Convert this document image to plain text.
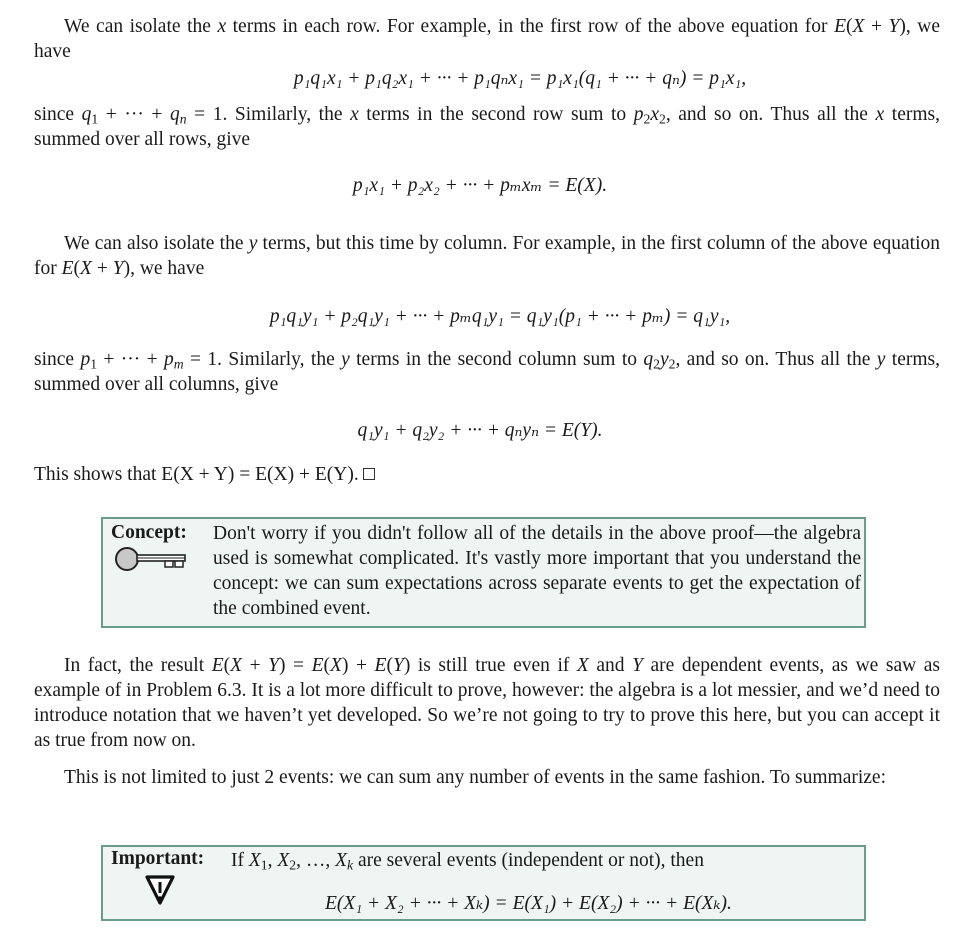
We can isolate the x terms in each row. For example, in the first row of the above equation for E(X + Y), we have
p₁q₁x₁ + p₁q₂x₁ + ··· + p₁qₙx₁ = p₁x₁(q₁ + ··· + qₙ) = p₁x₁,
since $q_1$ + ··· + $q_n = 1$. Similarly, the x terms in the second row sum to $p_2x_2$, and so on. Thus all the x terms, summed over all rows, give
p₁x₁ + p₂x₂ + ··· + pₘxₘ = E(X).
We can also isolate the y terms, but this time by column. For example, in the first column of the above equation for E(X + Y), we have
p₁q₁y₁ + p₂q₁y₁ + ··· + pₘq₁y₁ = q₁y₁(p₁ + ··· + pₘ) = q₁y₁,
since $p_1$ + ··· + $p_m = 1$. Similarly, the y terms in the second column sum to $q_2y_2$, and so on. Thus all the y terms, summed over all columns, give
q₁y₁ + q₂y₂ + ··· + qₙyₙ = E(Y).
This shows that E(X + Y) = E(X) + E(Y).
Concept: Don't worry if you didn't follow all of the details in the above proof—the algebra used is somewhat complicated. It's vastly more important that you understand the concept: we can sum expectations across separate events to get the expectation of the combined event.
In fact, the result E(X + Y) = E(X) + E(Y) is still true even if X and Y are dependent events, as we saw as example of in Problem 6.3. It is a lot more difficult to prove, however: the algebra is a lot messier, and we’d need to introduce notation that we haven’t yet developed. So we’re not going to try to prove this here, but you can accept it as true from now on.
This is not limited to just 2 events: we can sum any number of events in the same fashion. To summarize:
Important: If $X_1$, $X_2$, …, $X_k$ are several events (independent or not), then
E(X₁ + X₂ + ··· + Xₖ) = E(X₁) + E(X₂) + ··· + E(Xₖ).
